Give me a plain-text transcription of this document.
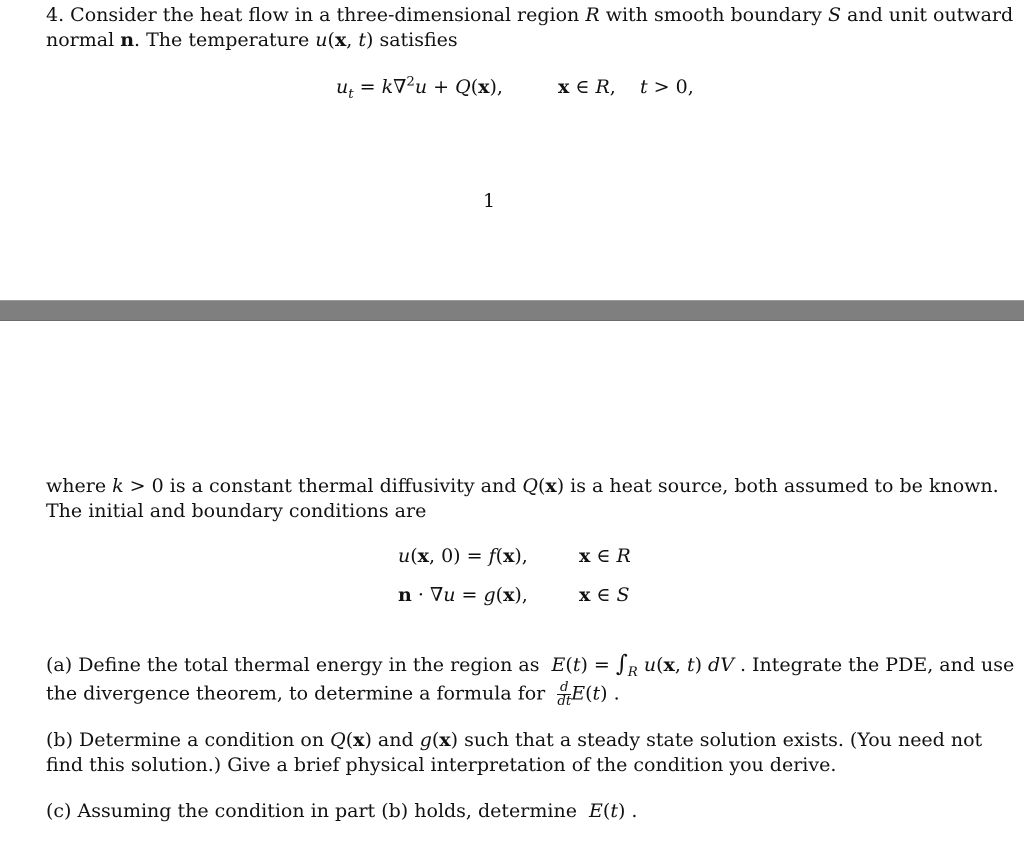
4. Consider the heat flow in a three-dimensional region R with smooth boundary S and unit outward
normal n. The temperature u(x, t) satisfies
$u_t = k\nabla^2u + Q(x)$,	x ∈ R,    t > 0,
1
where k > 0 is a constant thermal diffusivity and Q(x) is a heat source, both assumed to be known.
The initial and boundary conditions are
u(x, 0) = f(x),	x ∈ R
n · ∇u = g(x),	x ∈ S
(a) Define the total thermal energy in the region as  $E(t) = \int_R$ u(x, t) dV . Integrate the PDE, and use
the divergence theorem, to determine a formula for $\frac{d}{dt} E(t)$ .
(b) Determine a condition on Q(x) and g(x) such that a steady state solution exists. (You need not
find this solution.) Give a brief physical interpretation of the condition you derive.
(c) Assuming the condition in part (b) holds, determine  E(t) .
